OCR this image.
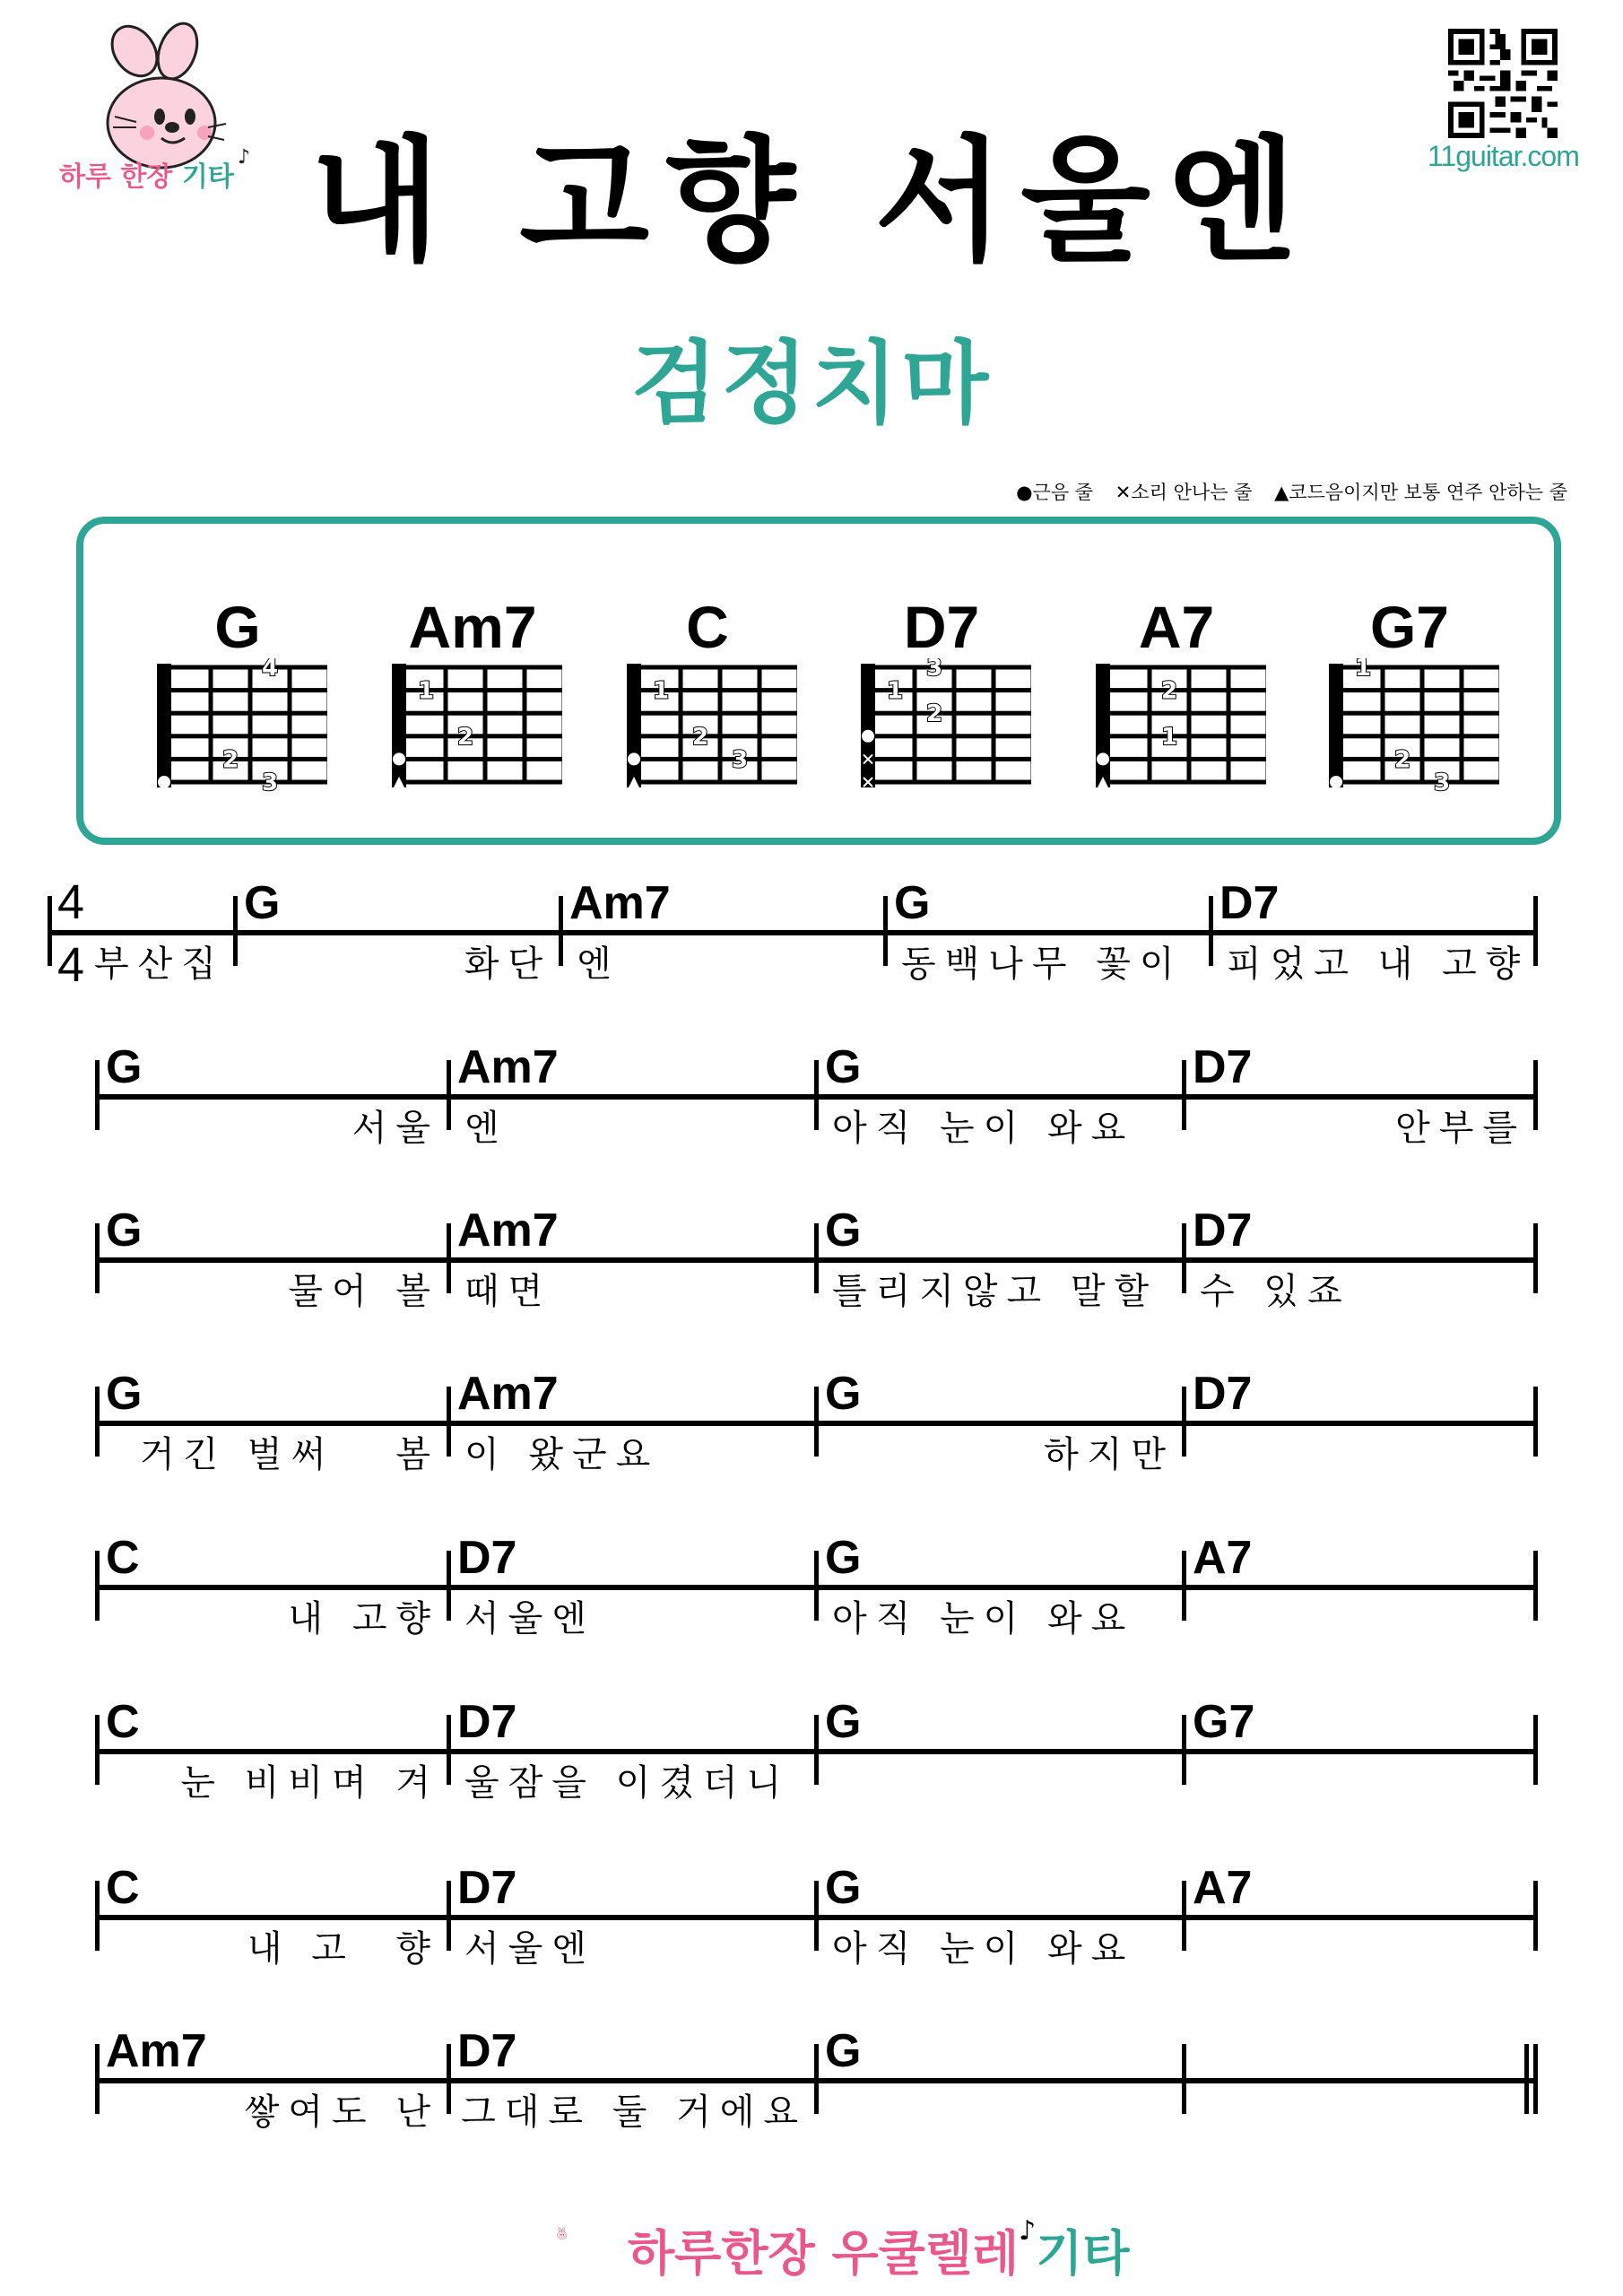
♪
하루 한장 기타
11guitar.com
내 고향 서울엔
검정치마
●근음 줄 ✕소리 안나는 줄 ▲코드음이지만 보통 연주 안하는 줄
G
4
2
3
Am7
1
2
C
1
2
3
D7
3
1
2
A7
2
1
G7
1
2
3
4
4 부산집
G
화단
Am7
엔
G
동백나무 꽃이
D7
피었고 내 고향
G
서울
Am7
엔
G
아직 눈이 와요
D7
안부를
G
물어 볼
Am7
때면
G
틀리지않고 말할
D7
수 있죠
G
거긴 벌써   봄
Am7
이 왔군요
G
하지만
D7
C
내 고향
D7
서울엔
G
아직 눈이 와요
A7
C
눈 비비며 겨
D7
울잠을 이겼더니
G	G7
C
내 고  향
D7
서울엔
G
아직 눈이 와요
A7
Am7
쌓여도 난
D7
그대로 둘 거에요
G
하루한장 우쿨렐레♪기타
